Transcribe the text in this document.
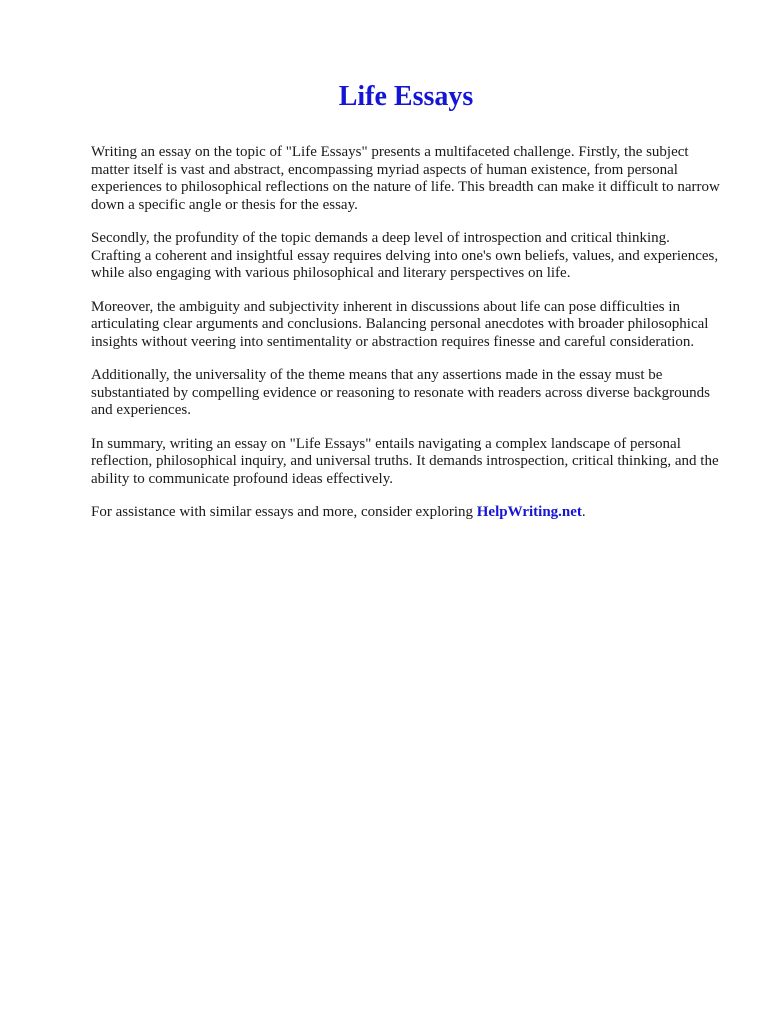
Life Essays

Writing an essay on the topic of "Life Essays" presents a multifaceted challenge. Firstly, the subject matter itself is vast and abstract, encompassing myriad aspects of human existence, from personal experiences to philosophical reflections on the nature of life. This breadth can make it difficult to narrow down a specific angle or thesis for the essay.

Secondly, the profundity of the topic demands a deep level of introspection and critical thinking. Crafting a coherent and insightful essay requires delving into one's own beliefs, values, and experiences, while also engaging with various philosophical and literary perspectives on life.

Moreover, the ambiguity and subjectivity inherent in discussions about life can pose difficulties in articulating clear arguments and conclusions. Balancing personal anecdotes with broader philosophical insights without veering into sentimentality or abstraction requires finesse and careful consideration.

Additionally, the universality of the theme means that any assertions made in the essay must be substantiated by compelling evidence or reasoning to resonate with readers across diverse backgrounds and experiences.

In summary, writing an essay on "Life Essays" entails navigating a complex landscape of personal reflection, philosophical inquiry, and universal truths. It demands introspection, critical thinking, and the ability to communicate profound ideas effectively.

For assistance with similar essays and more, consider exploring HelpWriting.net.
